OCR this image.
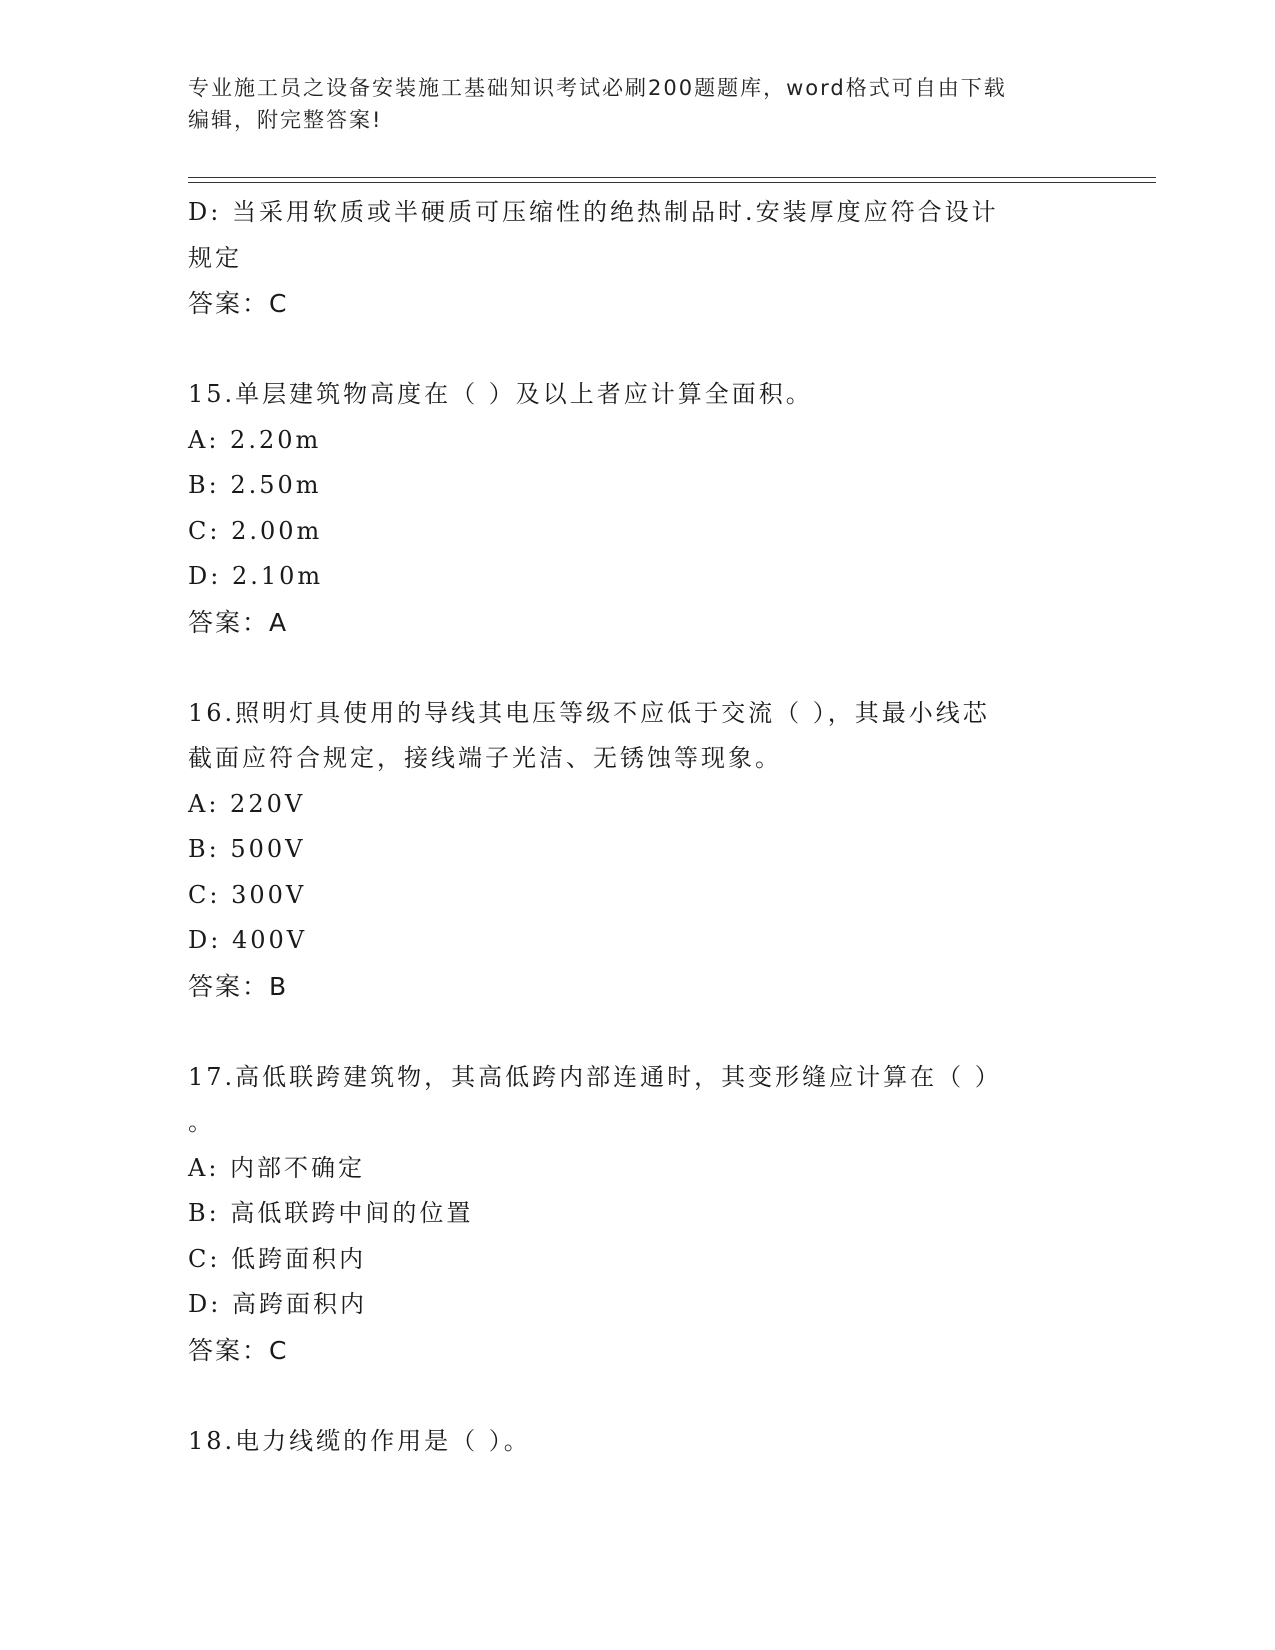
专业施工员之设备安装施工基础知识考试必刷200题题库，word格式可自由下载
编辑，附完整答案!
D: 当采用软质或半硬质可压缩性的绝热制品时.安装厚度应符合设计
规定
答案：C
15.单层建筑物高度在（ ）及以上者应计算全面积。
A: 2.20m
B: 2.50m
C: 2.00m
D: 2.10m
答案：A
16.照明灯具使用的导线其电压等级不应低于交流（ ），其最小线芯
截面应符合规定，接线端子光洁、无锈蚀等现象。
A: 220V
B: 500V
C: 300V
D: 400V
答案：B
17.高低联跨建筑物，其高低跨内部连通时，其变形缝应计算在（ ）
。
A: 内部不确定
B: 高低联跨中间的位置
C: 低跨面积内
D: 高跨面积内
答案：C
18.电力线缆的作用是（ ）。
